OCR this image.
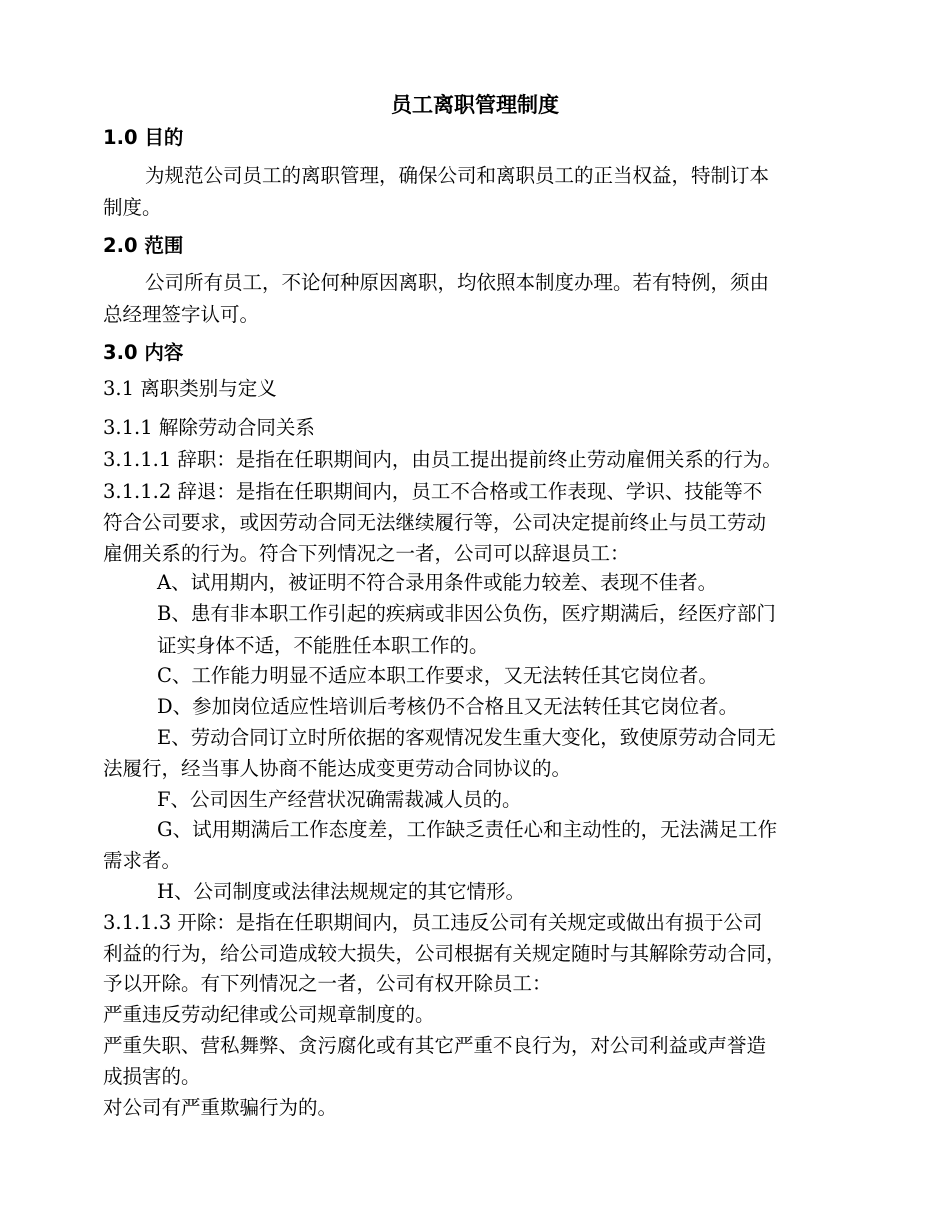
员工离职管理制度
1.0 目的
为规范公司员工的离职管理，确保公司和离职员工的正当权益，特制订本
制度。
2.0 范围
公司所有员工，不论何种原因离职，均依照本制度办理。若有特例，须由
总经理签字认可。
3.0 内容
3.1 离职类别与定义
3.1.1 解除劳动合同关系
3.1.1.1 辞职：是指在任职期间内，由员工提出提前终止劳动雇佣关系的行为。
3.1.1.2 辞退：是指在任职期间内，员工不合格或工作表现、学识、技能等不
符合公司要求，或因劳动合同无法继续履行等，公司决定提前终止与员工劳动
雇佣关系的行为。符合下列情况之一者，公司可以辞退员工：
A、试用期内，被证明不符合录用条件或能力较差、表现不佳者。
B、患有非本职工作引起的疾病或非因公负伤，医疗期满后，经医疗部门
证实身体不适，不能胜任本职工作的。
C、工作能力明显不适应本职工作要求，又无法转任其它岗位者。
D、参加岗位适应性培训后考核仍不合格且又无法转任其它岗位者。
E、劳动合同订立时所依据的客观情况发生重大变化，致使原劳动合同无
法履行，经当事人协商不能达成变更劳动合同协议的。
F、公司因生产经营状况确需裁减人员的。
G、试用期满后工作态度差，工作缺乏责任心和主动性的，无法满足工作
需求者。
H、公司制度或法律法规规定的其它情形。
3.1.1.3 开除：是指在任职期间内，员工违反公司有关规定或做出有损于公司
利益的行为，给公司造成较大损失，公司根据有关规定随时与其解除劳动合同，
予以开除。有下列情况之一者，公司有权开除员工：
严重违反劳动纪律或公司规章制度的。
严重失职、营私舞弊、贪污腐化或有其它严重不良行为，对公司利益或声誉造
成损害的。
对公司有严重欺骗行为的。
